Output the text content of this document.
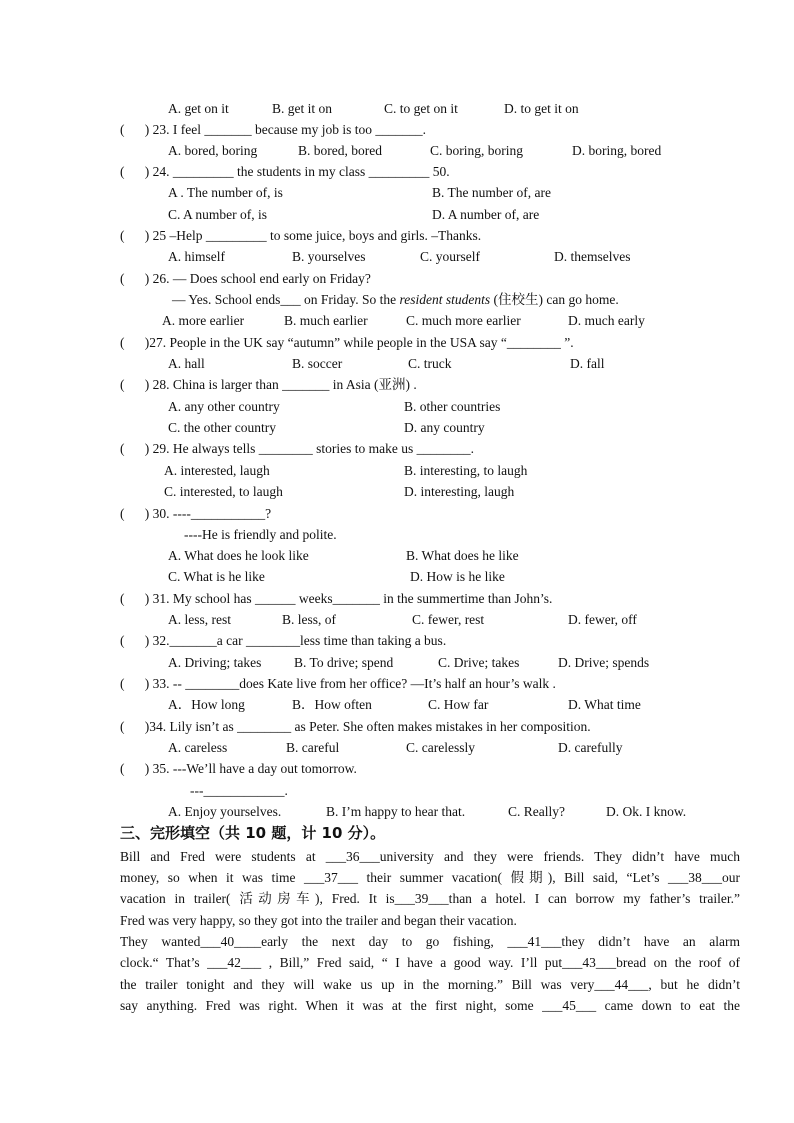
A. get on it	B. get it on	C. to get on it	D. to get it on
(      ) 23. I feel _______ because my job is too _______.
A. bored, boring	B. bored, bored	C. boring, boring	D. boring, bored
(      ) 24. _________ the students in my class _________ 50.
A . The number of, is	B. The number of, are
C. A number of, is	D. A number of, are
(      ) 25 –Help _________ to some juice, boys and girls. –Thanks.
A. himself	B. yourselves	C. yourself	D. themselves
(      ) 26. — Does school end early on Friday?
— Yes. School ends___ on Friday. So the resident students (住校生) can go home.
A. more earlier	B. much earlier	C. much more earlier	D. much early
(      )27. People in the UK say “autumn” while people in the USA say “________ ”.
A. hall	B. soccer	C. truck	D. fall
(      ) 28. China is larger than _______ in Asia (亚洲) .
A. any other country	B. other countries
C. the other country	D. any country
(      ) 29. He always tells ________ stories to make us ________.
A. interested, laugh	B. interesting, to laugh
C. interested, to laugh	D. interesting, laugh
(      ) 30. ----___________?
----He is friendly and polite.
A. What does he look like	B. What does he like
C. What is he like	D. How is he like
(      ) 31. My school has ______ weeks_______ in the summertime than John’s.
A. less, rest	B. less, of	C. fewer, rest	D. fewer, off
(      ) 32._______a car ________less time than taking a bus.
A. Driving; takes B. To drive; spend	C. Drive; takes	D. Drive; spends
(      ) 33. -- ________does Kate live from her office? —It’s half an hour’s walk .
A．How long	B．How often	C. How far	D. What time
(      )34. Lily isn’t as ________ as Peter. She often makes mistakes in her composition.
A. careless	B. careful	C. carelessly	D. carefully
(      ) 35. ---We’ll have a day out tomorrow.
---____________.
A. Enjoy yourselves.	B. I’m happy to hear that.	C. Really?	D. Ok. I know.
三、完形填空（共 10 题，计 10 分）。
Bill and Fred were students at ___36___university and they were friends. They didn’t have much
money, so when it was time ___37___ their summer vacation( 假期), Bill said, “Let’s ___38___our
vacation in trailer( 活动房车), Fred. It is___39___than a hotel. I can borrow my father’s trailer.”
Fred was very happy, so they got into the trailer and began their vacation.
They wanted___40____early the next day to go fishing, ___41___they didn’t have an alarm
clock.“ That’s ___42___ , Bill,” Fred said, “ I have a good way. I’ll put___43___bread on the roof of
the trailer tonight and they will wake us up in the morning.” Bill was very___44___, but he didn’t
say anything. Fred was right. When it was at the first night, some ___45___ came down to eat the
